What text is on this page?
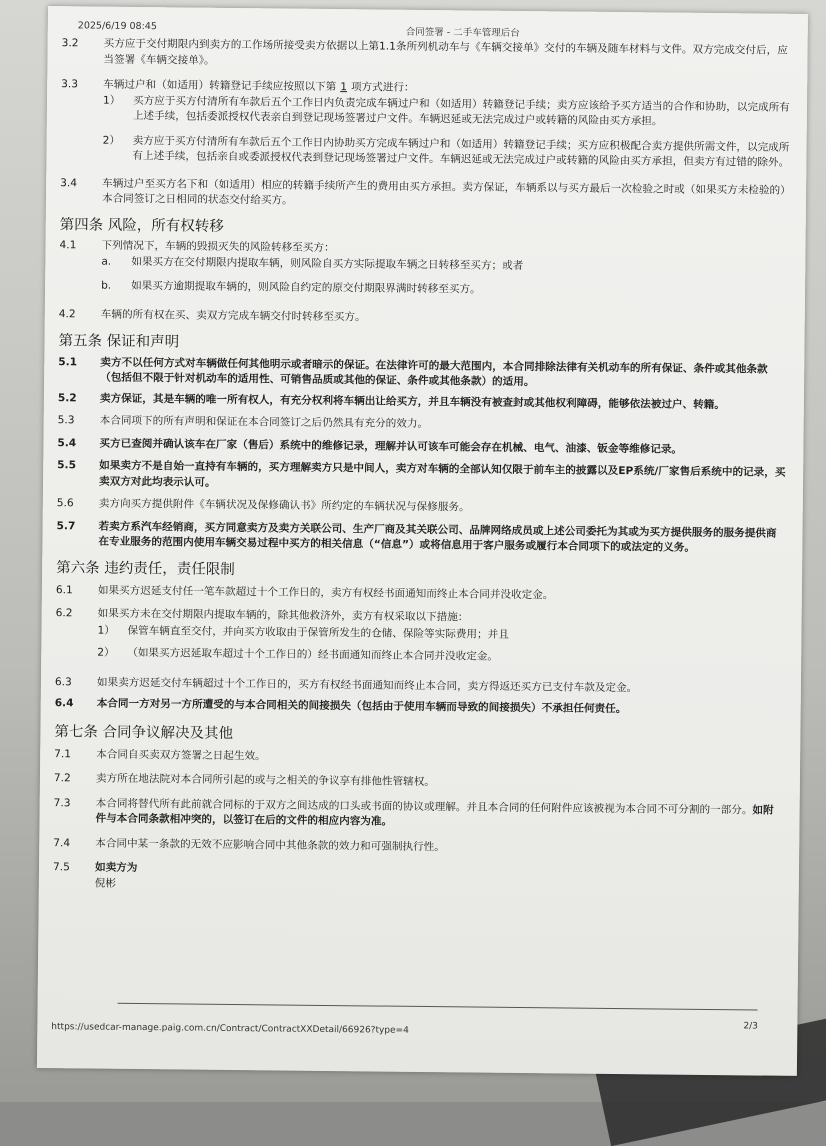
2025/6/19 08:45
合同签署 - 二手车管理后台
3.2	买方应于交付期限内到卖方的工作场所接受卖方依据以上第1.1条所列机动车与《车辆交接单》交付的车辆及随车材料与文件。双方完成交付后，应当签署《车辆交接单》。
3.3	车辆过户和（如适用）转籍登记手续应按照以下第 1 项方式进行：
1） 买方应于买方付清所有车款后五个工作日内负责完成车辆过户和（如适用）转籍登记手续；卖方应该给予买方适当的合作和协助，以完成所有上述手续，包括委派授权代表亲自到登记现场签署过户文件。车辆迟延或无法完成过户或转籍的风险由买方承担。
2） 卖方应于买方付清所有车款后五个工作日内协助买方完成车辆过户和（如适用）转籍登记手续；买方应积极配合卖方提供所需文件，以完成所有上述手续，包括亲自或委派授权代表到登记现场签署过户文件。车辆迟延或无法完成过户或转籍的风险由买方承担，但卖方有过错的除外。
3.4	车辆过户至买方名下和（如适用）相应的转籍手续所产生的费用由买方承担。卖方保证，车辆系以与买方最后一次检验之时或（如果买方未检验的）本合同签订之日相同的状态交付给买方。
第四条 风险，所有权转移
4.1	下列情况下，车辆的毁损灭失的风险转移至买方：
a. 如果买方在交付期限内提取车辆，则风险自买方实际提取车辆之日转移至买方；或者
b. 如果买方逾期提取车辆的，则风险自约定的原交付期限界满时转移至买方。
4.2	车辆的所有权在买、卖双方完成车辆交付时转移至买方。
第五条 保证和声明
5.1	卖方不以任何方式对车辆做任何其他明示或者暗示的保证。在法律许可的最大范围内，本合同排除法律有关机动车的所有保证、条件或其他条款（包括但不限于针对机动车的适用性、可销售品质或其他的保证、条件或其他条款）的适用。
5.2	卖方保证，其是车辆的唯一所有权人，有充分权利将车辆出让给买方，并且车辆没有被查封或其他权利障碍，能够依法被过户、转籍。
5.3	本合同项下的所有声明和保证在本合同签订之后仍然具有充分的效力。
5.4	买方已查阅并确认该车在厂家（售后）系统中的维修记录，理解并认可该车可能会存在机械、电气、油漆、钣金等维修记录。
5.5	如果卖方不是自始一直持有车辆的，买方理解卖方只是中间人，卖方对车辆的全部认知仅限于前车主的披露以及EP系统/厂家售后系统中的记录，买卖双方对此均表示认可。
5.6	卖方向买方提供附件《车辆状况及保修确认书》所约定的车辆状况与保修服务。
5.7	若卖方系汽车经销商，买方同意卖方及卖方关联公司、生产厂商及其关联公司、品牌网络成员或上述公司委托为其或为买方提供服务的服务提供商在专业服务的范围内使用车辆交易过程中买方的相关信息（“信息”）或将信息用于客户服务或履行本合同项下的或法定的义务。
第六条 违约责任，责任限制
6.1	如果买方迟延支付任一笔车款超过十个工作日的，卖方有权经书面通知而终止本合同并没收定金。
6.2	如果买方未在交付期限内提取车辆的，除其他救济外，卖方有权采取以下措施：
1） 保管车辆直至交付，并向买方收取由于保管所发生的仓储、保险等实际费用；并且
2） （如果买方迟延取车超过十个工作日的）经书面通知而终止本合同并没收定金。
6.3	如果卖方迟延交付车辆超过十个工作日的，买方有权经书面通知而终止本合同，卖方得返还买方已支付车款及定金。
6.4	本合同一方对另一方所遭受的与本合同相关的间接损失（包括由于使用车辆而导致的间接损失）不承担任何责任。
第七条 合同争议解决及其他
7.1	本合同自买卖双方签署之日起生效。
7.2	卖方所在地法院对本合同所引起的或与之相关的争议享有排他性管辖权。
7.3	本合同将替代所有此前就合同标的于双方之间达成的口头或书面的协议或理解。并且本合同的任何附件应该被视为本合同不可分割的一部分。如附件与本合同条款相冲突的，以签订在后的文件的相应内容为准。
7.4	本合同中某一条款的无效不应影响合同中其他条款的效力和可强制执行性。
7.5	如卖方为
倪彬
2/3
https://usedcar-manage.paig.com.cn/Contract/ContractXXDetail/66926?type=4
